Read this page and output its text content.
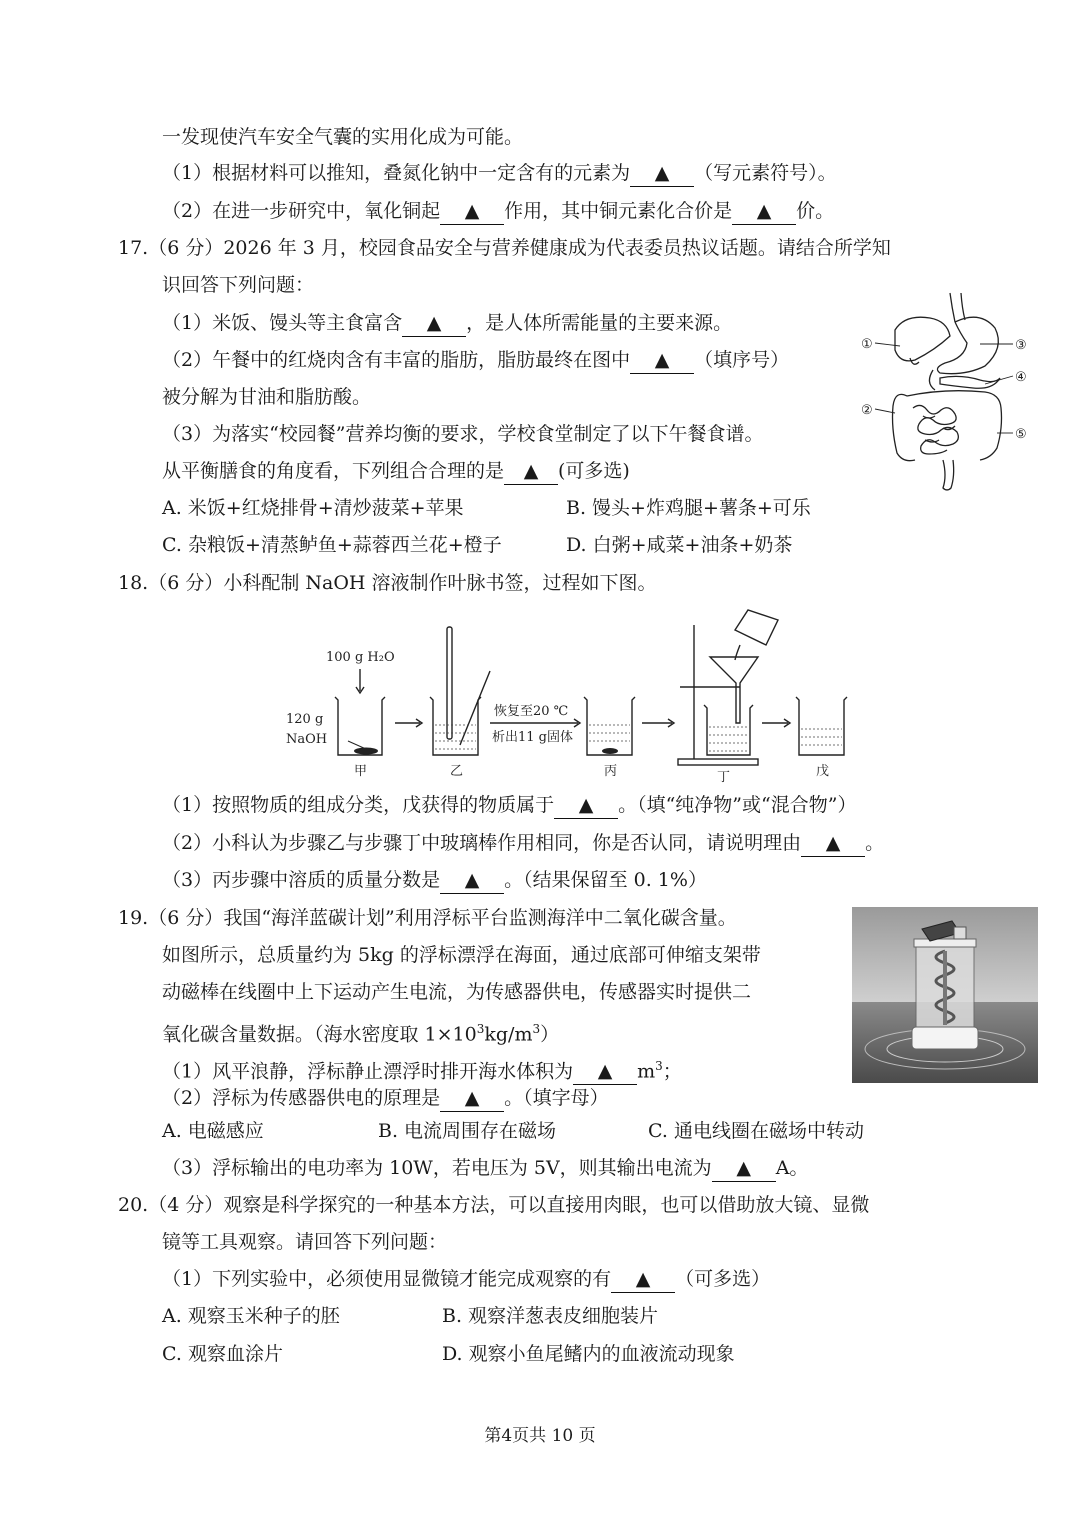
一发现使汽车安全气囊的实用化成为可能。
（1）根据材料可以推知，叠氮化钠中一定含有的元素为 ▲ （写元素符号）。
（2）在进一步研究中，氧化铜起 ▲ 作用，其中铜元素化合价是 ▲ 价。
17.（6 分）2026 年 3 月，校园食品安全与营养健康成为代表委员热议话题。请结合所学知
识回答下列问题：
（1）米饭、馒头等主食富含 ▲ ，是人体所需能量的主要来源。
（2）午餐中的红烧肉含有丰富的脂肪，脂肪最终在图中 ▲ （填序号）
被分解为甘油和脂肪酸。
（3）为落实“校园餐”营养均衡的要求，学校食堂制定了以下午餐食谱。
从平衡膳食的角度看，下列组合合理的是 ▲ (可多选)
A. 米饭+红烧排骨+清炒菠菜+苹果	B. 馒头+炸鸡腿+薯条+可乐
C. 杂粮饭+清蒸鲈鱼+蒜蓉西兰花+橙子	D. 白粥+咸菜+油条+奶茶
①
②
③
④
⑤
18.（6 分）小科配制 NaOH 溶液制作叶脉书签，过程如下图。
100 g H₂O
120 g
NaOH
恢复至20 ℃
析出11 g固体
甲	乙	丙	丁	戊
（1）按照物质的组成分类，戊获得的物质属于 ▲ 。（填“纯净物”或“混合物”）
（2）小科认为步骤乙与步骤丁中玻璃棒作用相同，你是否认同，请说明理由 ▲ 。
（3）丙步骤中溶质的质量分数是 ▲ 。（结果保留至 0. 1%）
19.（6 分）我国“海洋蓝碳计划”利用浮标平台监测海洋中二氧化碳含量。
如图所示，总质量约为 5kg 的浮标漂浮在海面，通过底部可伸缩支架带
动磁棒在线圈中上下运动产生电流，为传感器供电，传感器实时提供二
氧化碳含量数据。（海水密度取 $1\times 10^3kg/m^3$）
（1）风平浪静，浮标静止漂浮时排开海水体积为 ▲ $m^3$；
（2）浮标为传感器供电的原理是 ▲ 。（填字母）
A. 电磁感应	B. 电流周围存在磁场	C. 通电线圈在磁场中转动
（3）浮标输出的电功率为 10W，若电压为 5V，则其输出电流为 ▲ A。
20.（4 分）观察是科学探究的一种基本方法，可以直接用肉眼，也可以借助放大镜、显微
镜等工具观察。请回答下列问题：
（1）下列实验中，必须使用显微镜才能完成观察的有 ▲ （可多选）
A. 观察玉米种子的胚	B. 观察洋葱表皮细胞装片
C. 观察血涂片	D. 观察小鱼尾鳍内的血液流动现象
第4页共 10 页
